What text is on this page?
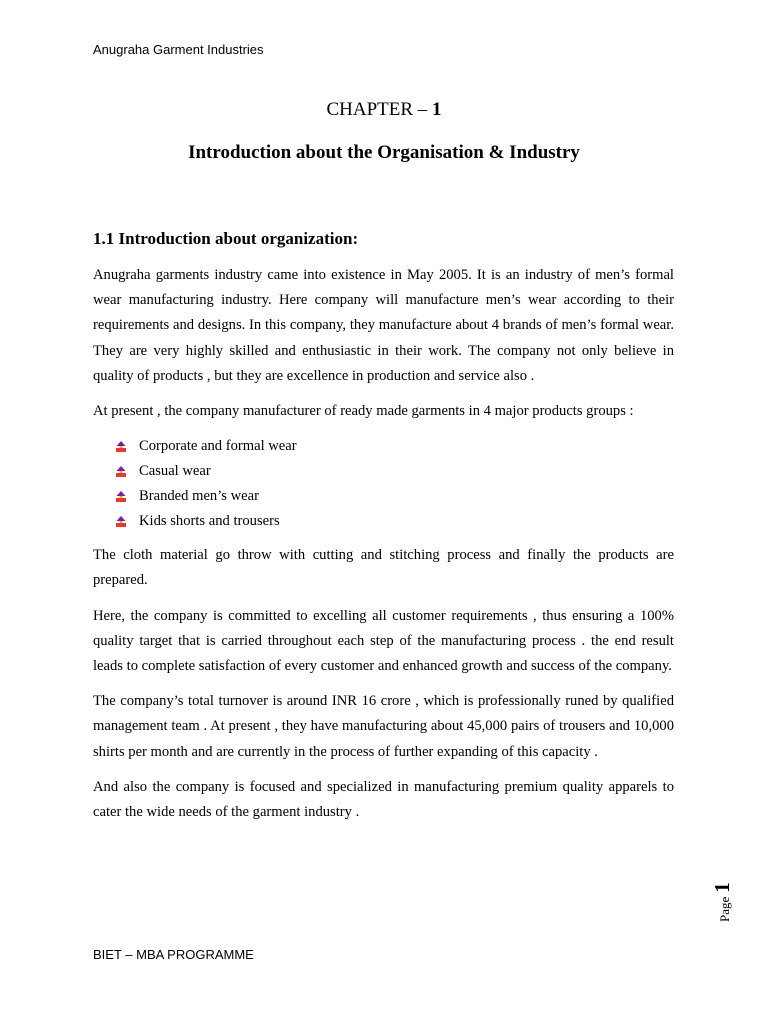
Anugraha Garment Industries
CHAPTER – 1
Introduction about the Organisation & Industry
1.1 Introduction about organization:

Anugraha garments industry came into existence in May 2005. It is an industry of men’s formal wear manufacturing industry. Here company will manufacture men’s wear according to their requirements and designs. In this company, they manufacture about 4 brands of men’s formal wear. They are very highly skilled and enthusiastic in their work. The company not only believe in quality of products , but they are excellence in production and service also .

At present , the company manufacturer of ready made garments in 4 major products groups :

Corporate and formal wear
Casual wear
Branded men’s wear
Kids shorts and trousers

The cloth material go throw with cutting and stitching process and finally the products are prepared.

Here, the company is committed to excelling all customer requirements , thus ensuring a 100% quality target that is carried throughout each step of the manufacturing process . the end result leads to complete satisfaction of every customer and enhanced growth and success of the company.

The company’s total turnover is around INR 16 crore , which is professionally runed by qualified management team . At present , they have manufacturing about 45,000 pairs of trousers and 10,000 shirts per month and are currently in the process of further expanding of this capacity .

And also the company is focused and specialized in manufacturing premium quality apparels to cater the wide needs of the garment industry .

Page1
BIET – MBA PROGRAMME
